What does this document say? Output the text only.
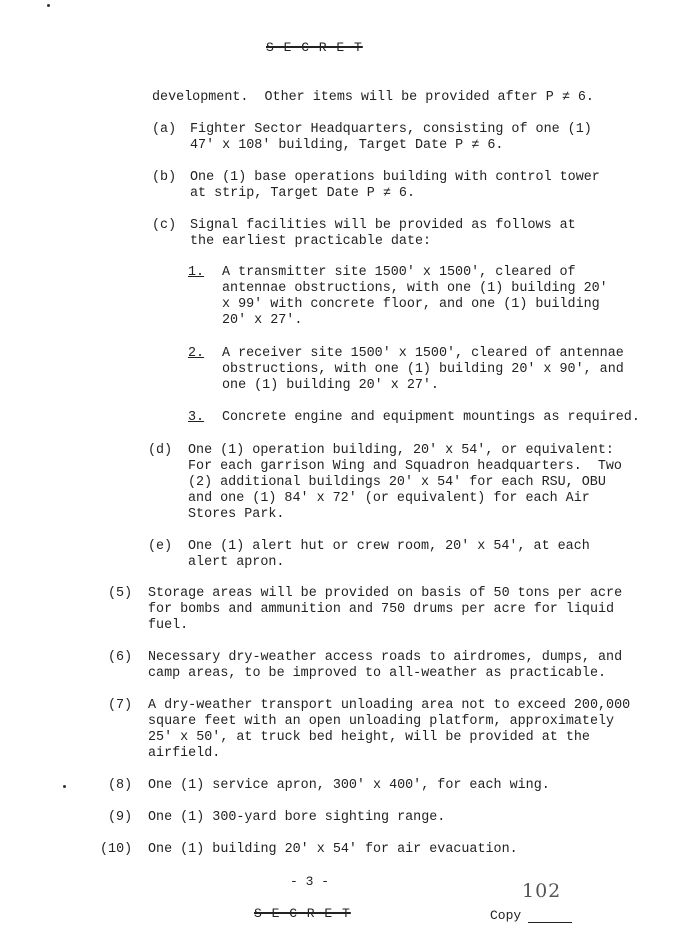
S-E-C-R-E-T
development.  Other items will be provided after P ≠ 6.
(a) Fighter Sector Headquarters, consisting of one (1)
47' x 108' building, Target Date P ≠ 6.
(b) One (1) base operations building with control tower
at strip, Target Date P ≠ 6.
(c) Signal facilities will be provided as follows at
the earliest practicable date:
1. A transmitter site 1500' x 1500', cleared of
antennae obstructions, with one (1) building 20'
x 99' with concrete floor, and one (1) building
20' x 27'.
2. A receiver site 1500' x 1500', cleared of antennae
obstructions, with one (1) building 20' x 90', and
one (1) building 20' x 27'.
3. Concrete engine and equipment mountings as required.
(d) One (1) operation building, 20' x 54', or equivalent:
For each garrison Wing and Squadron headquarters.  Two
(2) additional buildings 20' x 54' for each RSU, OBU
and one (1) 84' x 72' (or equivalent) for each Air
Stores Park.
(e) One (1) alert hut or crew room, 20' x 54', at each
alert apron.
(5) Storage areas will be provided on basis of 50 tons per acre
for bombs and ammunition and 750 drums per acre for liquid
fuel.
(6) Necessary dry-weather access roads to airdromes, dumps, and
camp areas, to be improved to all-weather as practicable.
(7) A dry-weather transport unloading area not to exceed 200,000
square feet with an open unloading platform, approximately
25' x 50', at truck bed height, will be provided at the
airfield.
(8) One (1) service apron, 300' x 400', for each wing.
(9) One (1) 300-yard bore sighting range.
(10) One (1) building 20' x 54' for air evacuation.
- 3 -	102
S-E-C-R-E-T	Copy
